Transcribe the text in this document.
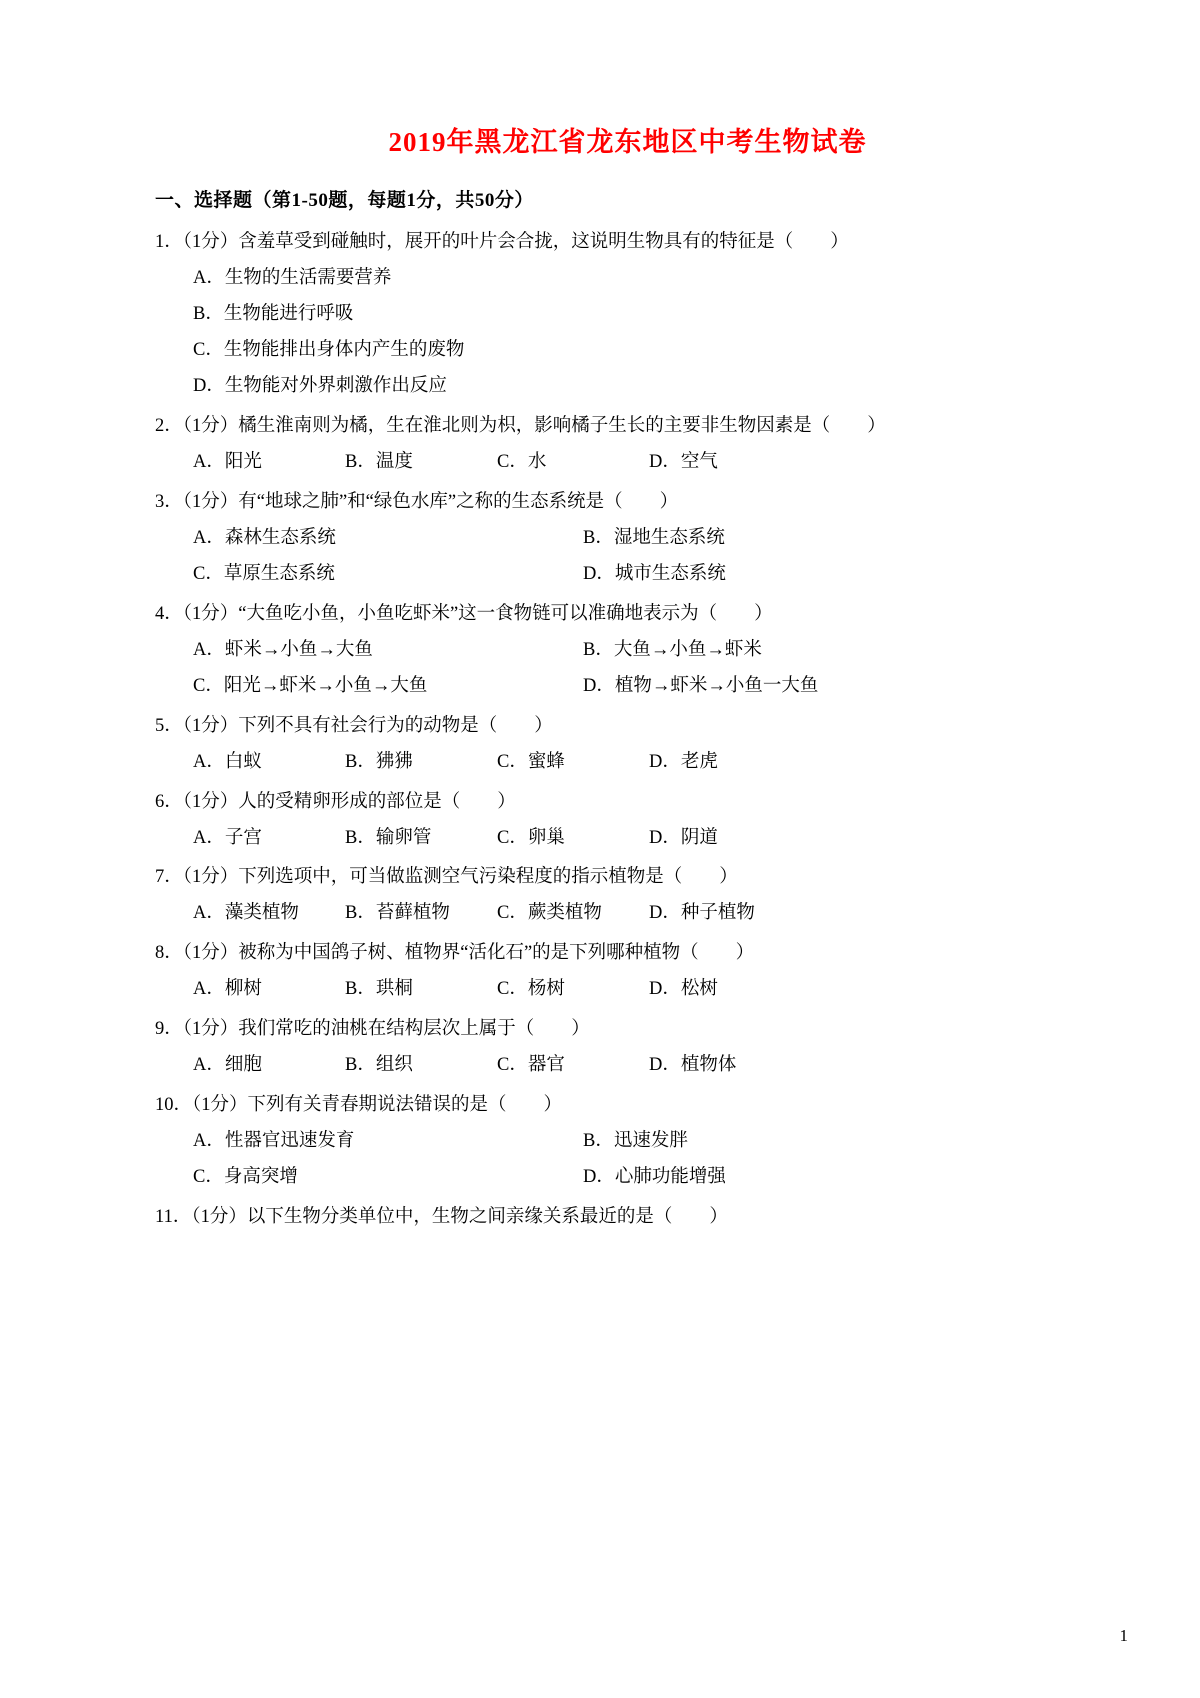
2019年黑龙江省龙东地区中考生物试卷
一、选择题（第1-50题，每题1分，共50分）

1．（1分）含羞草受到碰触时，展开的叶片会合拢，这说明生物具有的特征是（　　）

A．生物的生活需要营养
B．生物能进行呼吸
C．生物能排出身体内产生的废物
D．生物能对外界刺激作出反应

2．（1分）橘生淮南则为橘，生在淮北则为枳，影响橘子生长的主要非生物因素是（　　）

A．阳光	B．温度	C．水	D．空气

3．（1分）有“地球之肺”和“绿色水库”之称的生态系统是（　　）

A．森林生态系统	B．湿地生态系统
C．草原生态系统	D．城市生态系统

4．（1分）“大鱼吃小鱼，小鱼吃虾米”这一食物链可以准确地表示为（　　）

A．虾米→小鱼→大鱼	B．大鱼→小鱼→虾米
C．阳光→虾米→小鱼→大鱼	D．植物→虾米→小鱼一大鱼

5．（1分）下列不具有社会行为的动物是（　　）

A．白蚁	B．狒狒	C．蜜蜂	D．老虎

6．（1分）人的受精卵形成的部位是（　　）

A．子宫	B．输卵管	C．卵巢	D．阴道

7．（1分）下列选项中，可当做监测空气污染程度的指示植物是（　　）

A．藻类植物	B．苔藓植物	C．蕨类植物	D．种子植物

8．（1分）被称为中国鸽子树、植物界“活化石”的是下列哪种植物（　　）

A．柳树	B．珙桐	C．杨树	D．松树

9．（1分）我们常吃的油桃在结构层次上属于（　　）

A．细胞	B．组织	C．器官	D．植物体

10．（1分）下列有关青春期说法错误的是（　　）

A．性器官迅速发育	B．迅速发胖
C．身高突增	D．心肺功能增强

11．（1分）以下生物分类单位中，生物之间亲缘关系最近的是（　　）

1
